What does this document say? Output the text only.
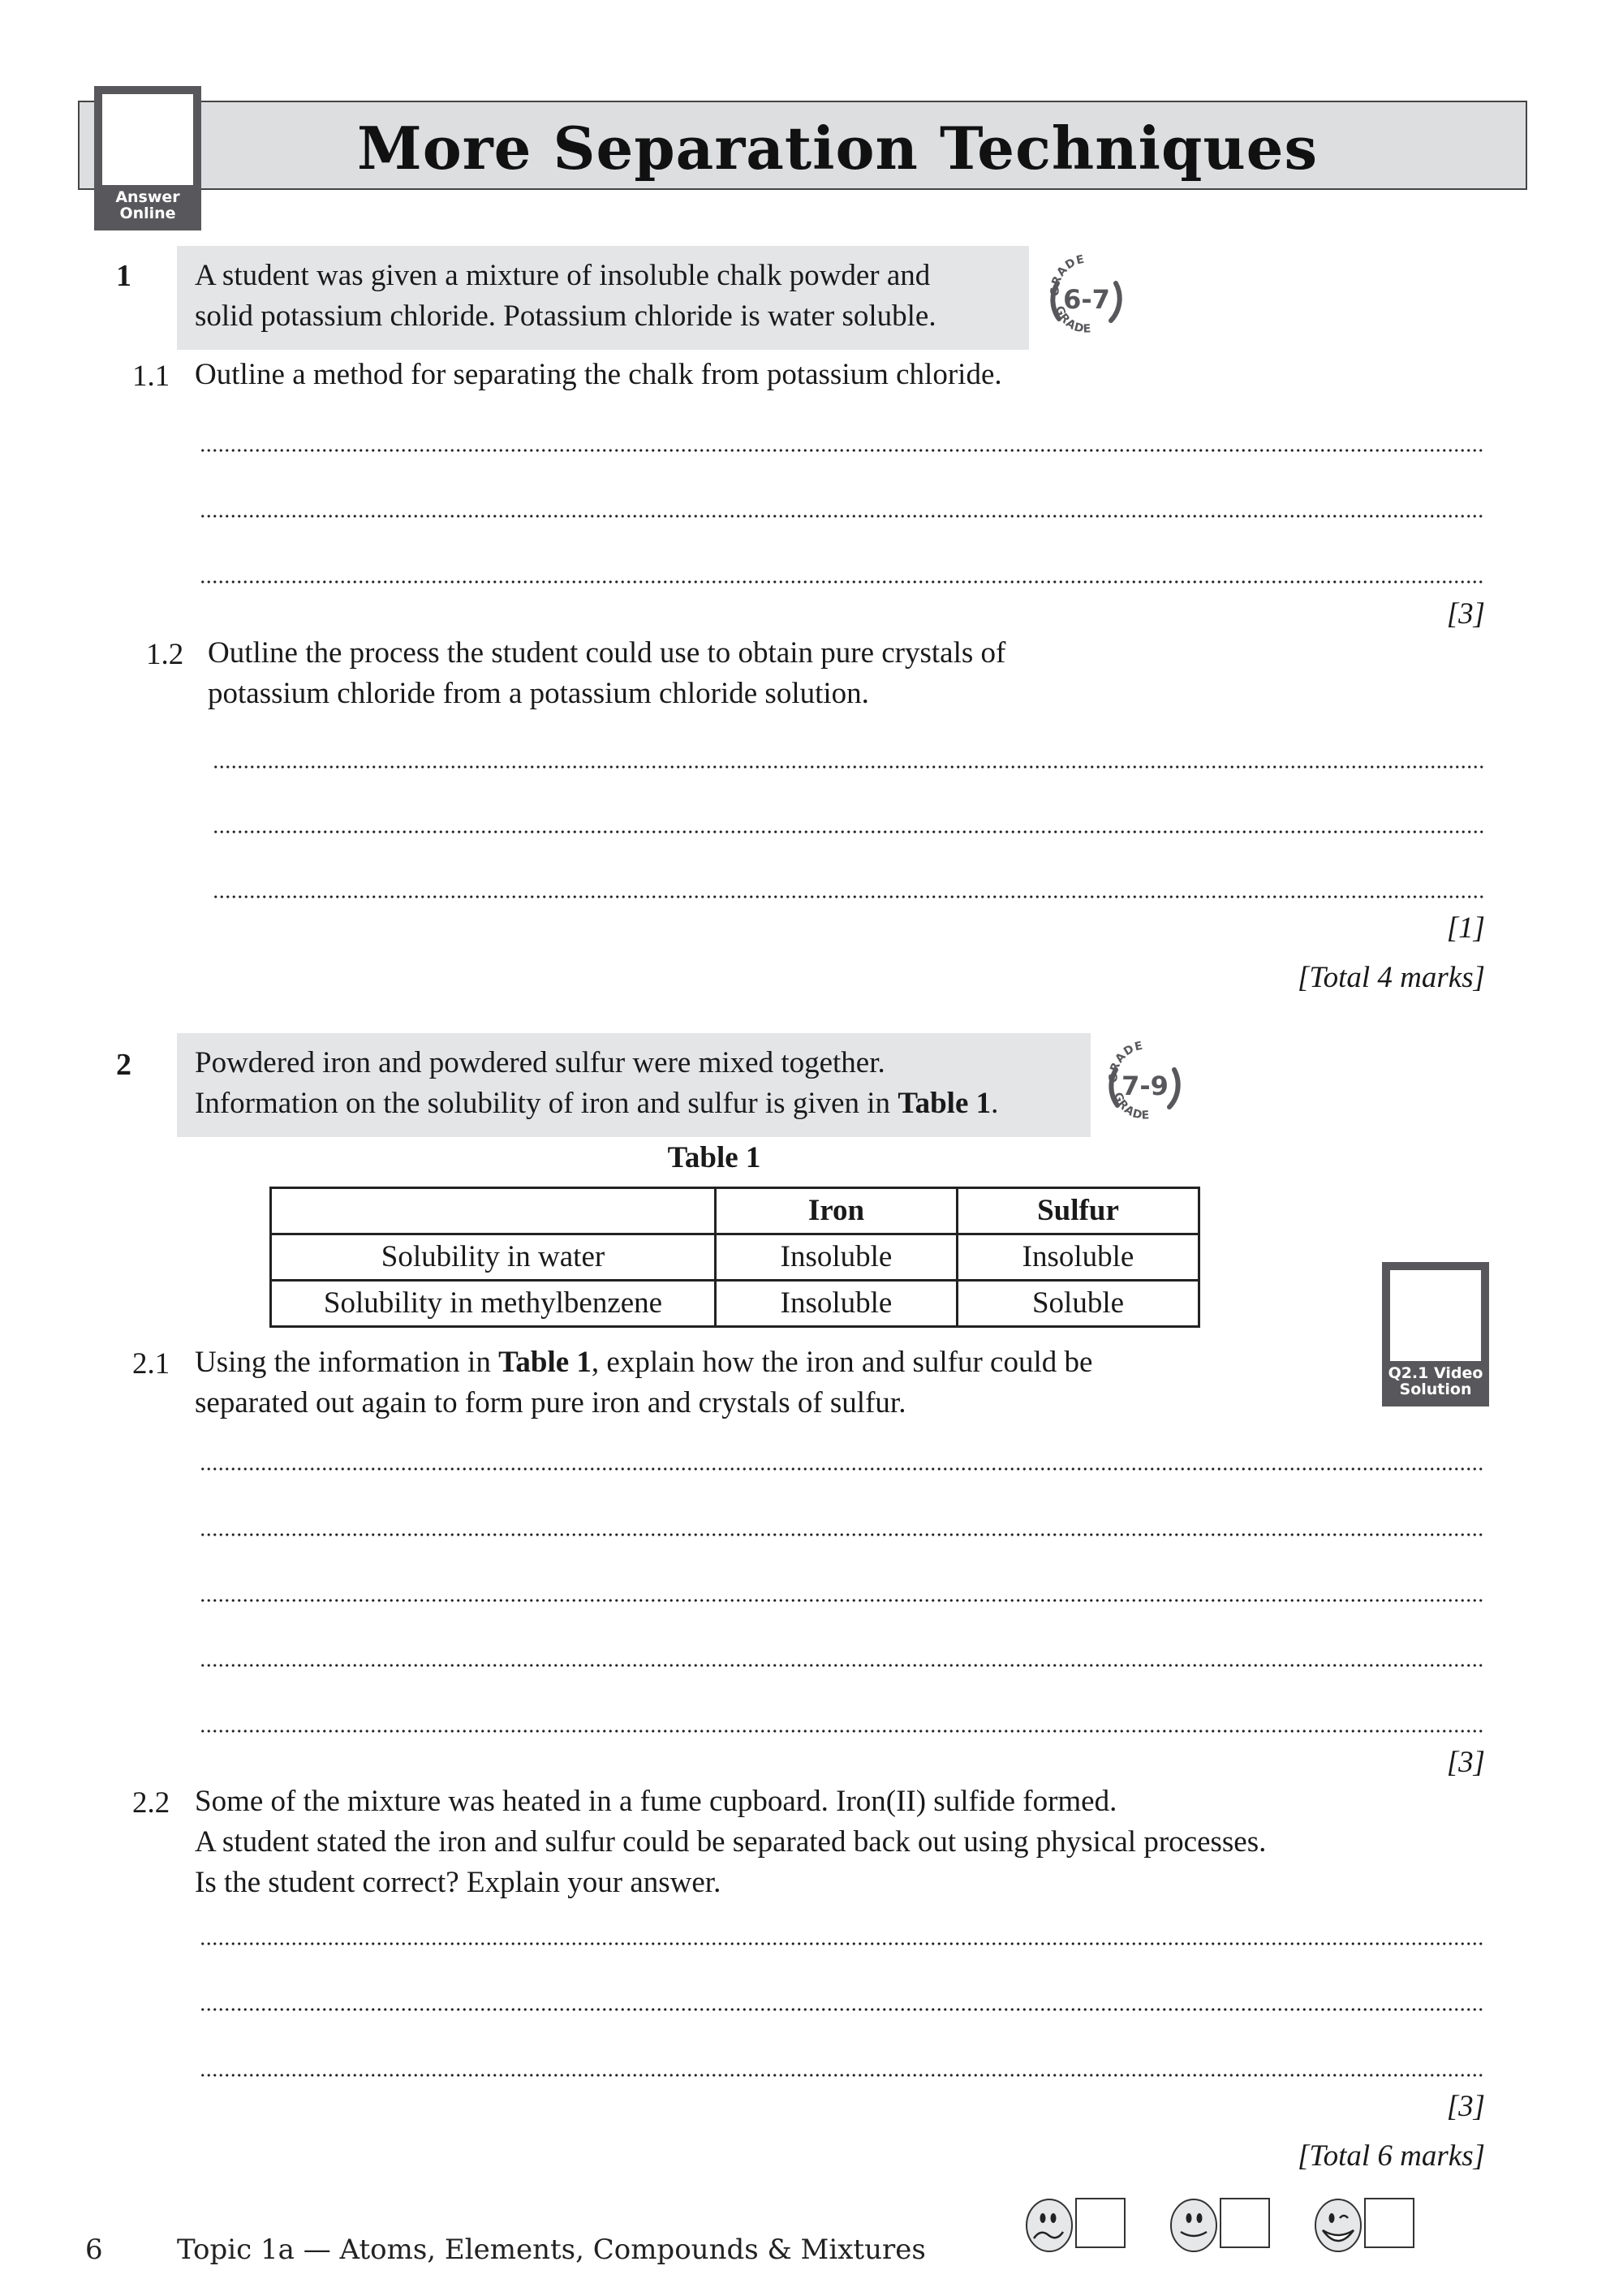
More Separation Techniques
Answer
Online
1 A student was given a mixture of insoluble chalk powder and
solid potassium chloride. Potassium chloride is water soluble.
GRADE
GRADE
6-7
1.1 Outline a method for separating the chalk from potassium chloride.
[3]
1.2 Outline the process the student could use to obtain pure crystals of
potassium chloride from a potassium chloride solution.
[1]
[Total 4 marks]
2 Powdered iron and powdered sulfur were mixed together.
Information on the solubility of iron and sulfur is given in Table 1.
GRADE
GRADE
7-9
Table 1
	Iron	Sulfur
Solubility in water	Insoluble	Insoluble
Solubility in methylbenzene	Insoluble	Soluble
Q2.1 Video
Solution
2.1 Using the information in Table 1, explain how the iron and sulfur could be
separated out again to form pure iron and crystals of sulfur.
[3]
2.2 Some of the mixture was heated in a fume cupboard. Iron(II) sulfide formed.
A student stated the iron and sulfur could be separated back out using physical processes.
Is the student correct? Explain your answer.
[3]
[Total 6 marks]
6	Topic 1a — Atoms, Elements, Compounds & Mixtures
